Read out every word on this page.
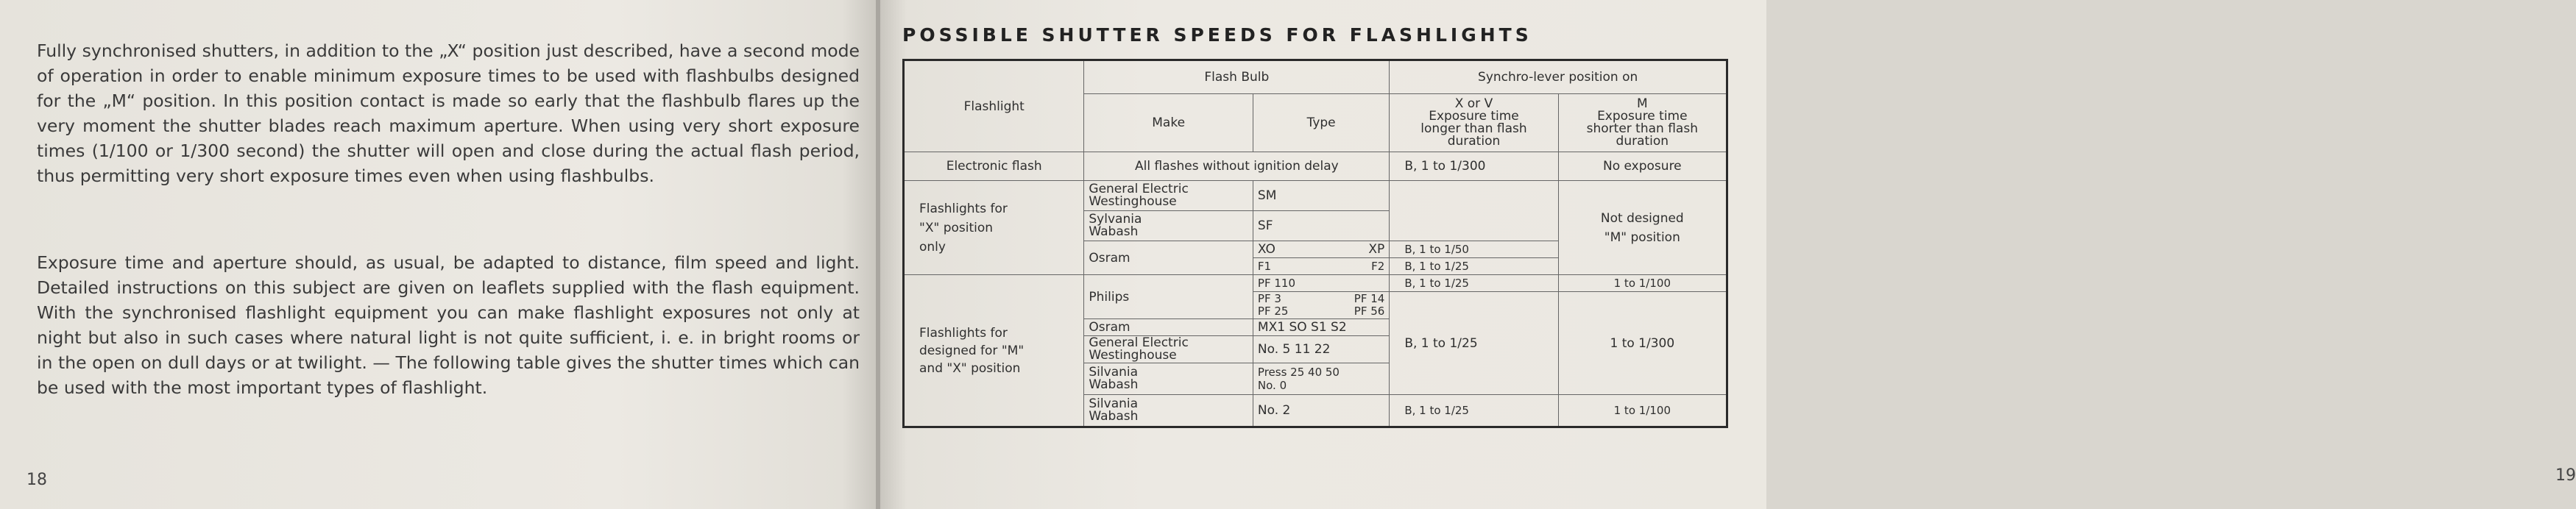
Fully synchronised shutters, in addition to the „X“ position just described, have a second mode of operation in order to enable minimum exposure times to be used with flashbulbs designed for the „M“ position. In this position contact is made so early that the flashbulb flares up the very moment the shutter blades reach maximum aperture. When using very short exposure times (1/100 or 1/300 second) the shutter will open and close during the actual flash period, thus permitting very short exposure times even when using flashbulbs.
Exposure time and aperture should, as usual, be adapted to distance, film speed and light. Detailed instructions on this subject are given on leaflets supplied with the flash equipment. With the synchronised flashlight equipment you can make flashlight exposures not only at night but also in such cases where natural light is not quite sufficient, i. e. in bright rooms or in the open on dull days or at twilight. — The following table gives the shutter times which can be used with the most important types of flashlight.
18	19
POSSIBLE SHUTTER SPEEDS FOR FLASHLIGHTS
Flashlight	Flash Bulb		Synchro-lever position on	
	Make	Type	X or V
Exposure time
longer than flash
duration	M
Exposure time
shorter than flash
duration
Electronic flash	All flashes without ignition delay		B, 1 to 1/300	No exposure
Flashlights for
"X" position
only	General Electric
Westinghouse	SM		Not designed
"M" position
	Sylvania
Wabash	SF		
	Osram	XO XP	B, 1 to 1/50	

		F1 F2	B, 1 to 1/25	
Flashlights for
designed for "M"
and "X" position	Philips	PF 110	B, 1 to 1/25	1 to 1/100

		PF 3 PF 14
PF 25 PF 56	B, 1 to 1/25	1 to 1/300
	Osram	MX1 SO S1 S2		
	General Electric
Westinghouse	No. 5 11 22		
	Silvania
Wabash	Press 25 40 50
No. 0		
	Silvania
Wabash	No. 2	B, 1 to 1/25	1 to 1/100
